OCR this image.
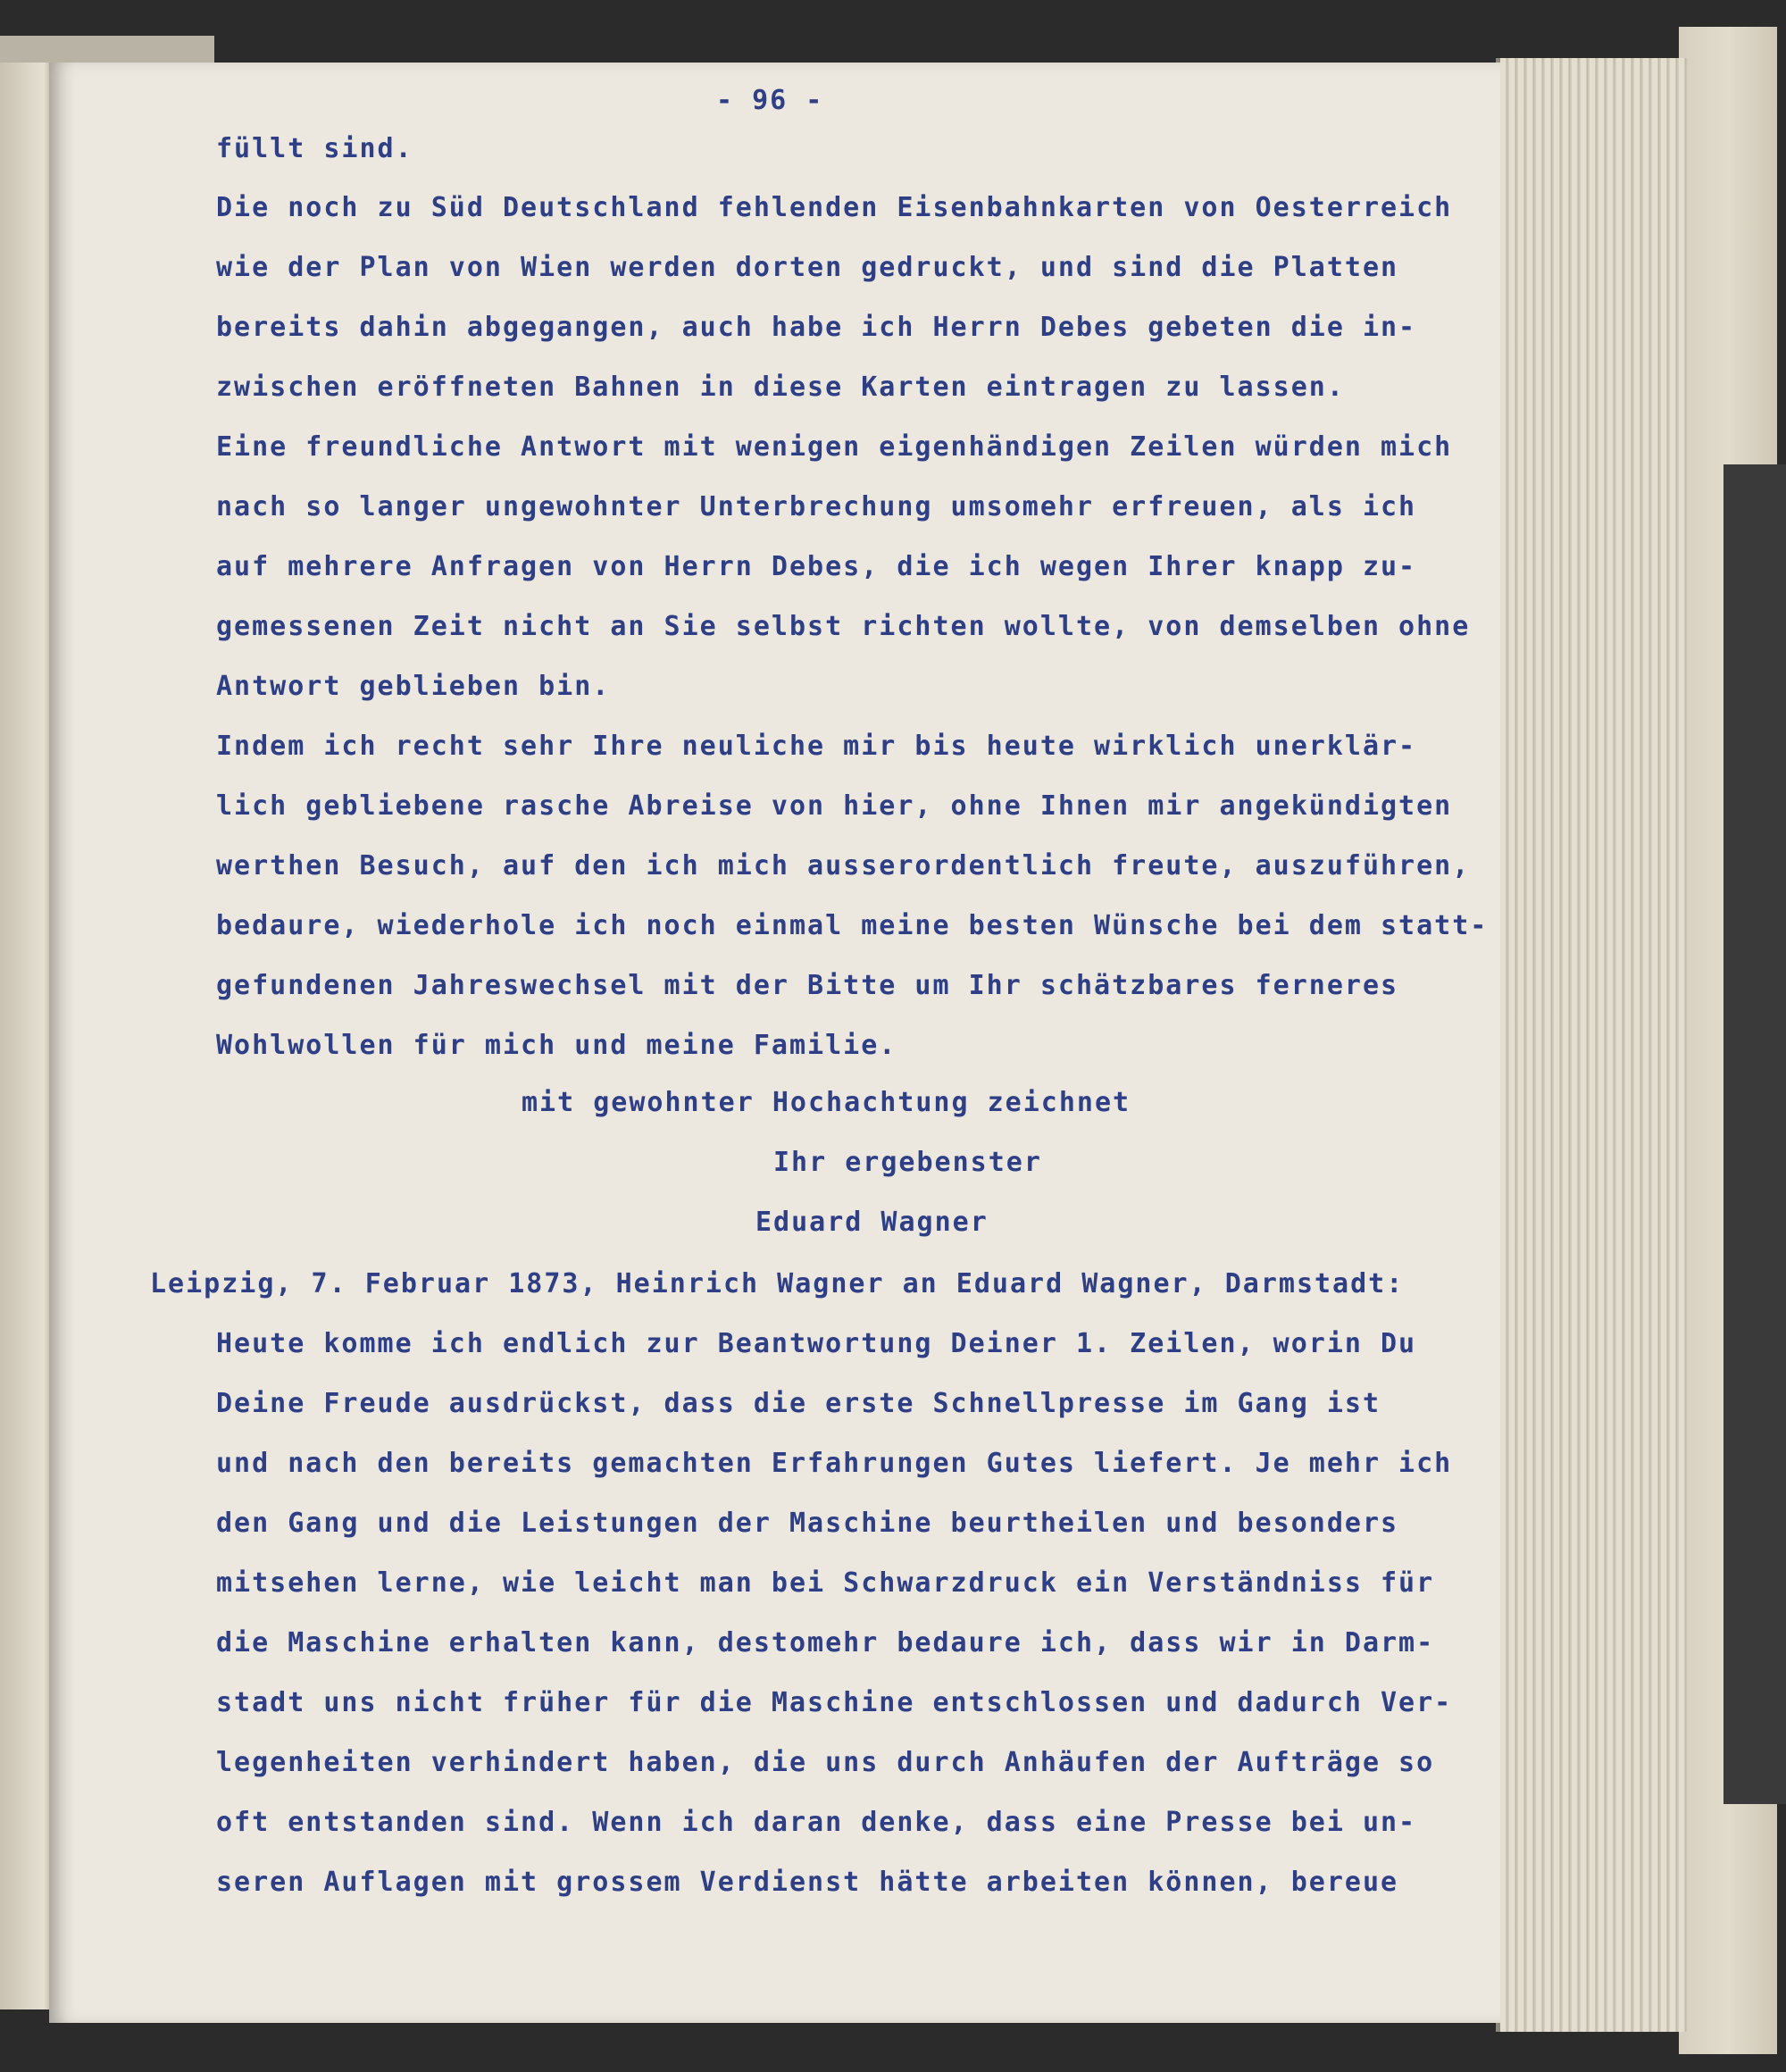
- 96 -

füllt sind.

Die noch zu Süd Deutschland fehlenden Eisenbahnkarten von Oesterreich

wie der Plan von Wien werden dorten gedruckt, und sind die Platten

bereits dahin abgegangen, auch habe ich Herrn Debes gebeten die in-

zwischen eröffneten Bahnen in diese Karten eintragen zu lassen.

Eine freundliche Antwort mit wenigen eigenhändigen Zeilen würden mich

nach so langer ungewohnter Unterbrechung umsomehr erfreuen, als ich

auf mehrere Anfragen von Herrn Debes, die ich wegen Ihrer knapp zu-

gemessenen Zeit nicht an Sie selbst richten wollte, von demselben ohne

Antwort geblieben bin.

Indem ich recht sehr Ihre neuliche mir bis heute wirklich unerklär-

lich gebliebene rasche Abreise von hier, ohne Ihnen mir angekündigten

werthen Besuch, auf den ich mich ausserordentlich freute, auszuführen,

bedaure, wiederhole ich noch einmal meine besten Wünsche bei dem statt-

gefundenen Jahreswechsel mit der Bitte um Ihr schätzbares ferneres

Wohlwollen für mich und meine Familie.

mit gewohnter Hochachtung zeichnet

Ihr ergebenster

Eduard Wagner

Leipzig, 7. Februar 1873, Heinrich Wagner an Eduard Wagner, Darmstadt:

Heute komme ich endlich zur Beantwortung Deiner 1. Zeilen, worin Du

Deine Freude ausdrückst, dass die erste Schnellpresse im Gang ist

und nach den bereits gemachten Erfahrungen Gutes liefert. Je mehr ich

den Gang und die Leistungen der Maschine beurtheilen und besonders

mitsehen lerne, wie leicht man bei Schwarzdruck ein Verständniss für

die Maschine erhalten kann, destomehr bedaure ich, dass wir in Darm-

stadt uns nicht früher für die Maschine entschlossen und dadurch Ver-

legenheiten verhindert haben, die uns durch Anhäufen der Aufträge so

oft entstanden sind. Wenn ich daran denke, dass eine Presse bei un-

seren Auflagen mit grossem Verdienst hätte arbeiten können, bereue
